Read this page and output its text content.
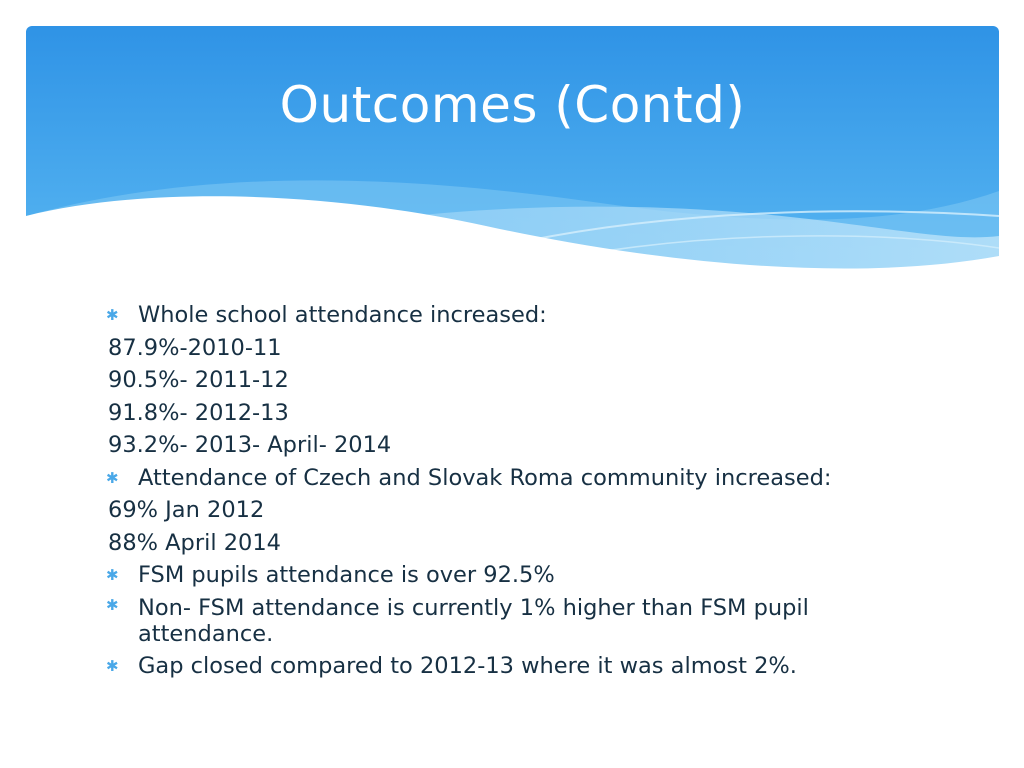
Outcomes (Contd)
✱ Whole school attendance increased:
87.9%-2010-11
90.5%- 2011-12
91.8%- 2012-13
93.2%- 2013- April- 2014
✱ Attendance of Czech and Slovak Roma community increased:
69% Jan 2012
88% April 2014
✱ FSM pupils attendance is over 92.5%
✱ Non- FSM attendance is currently 1% higher than FSM pupil attendance.
✱ Gap closed compared to 2012-13 where it was almost 2%.
